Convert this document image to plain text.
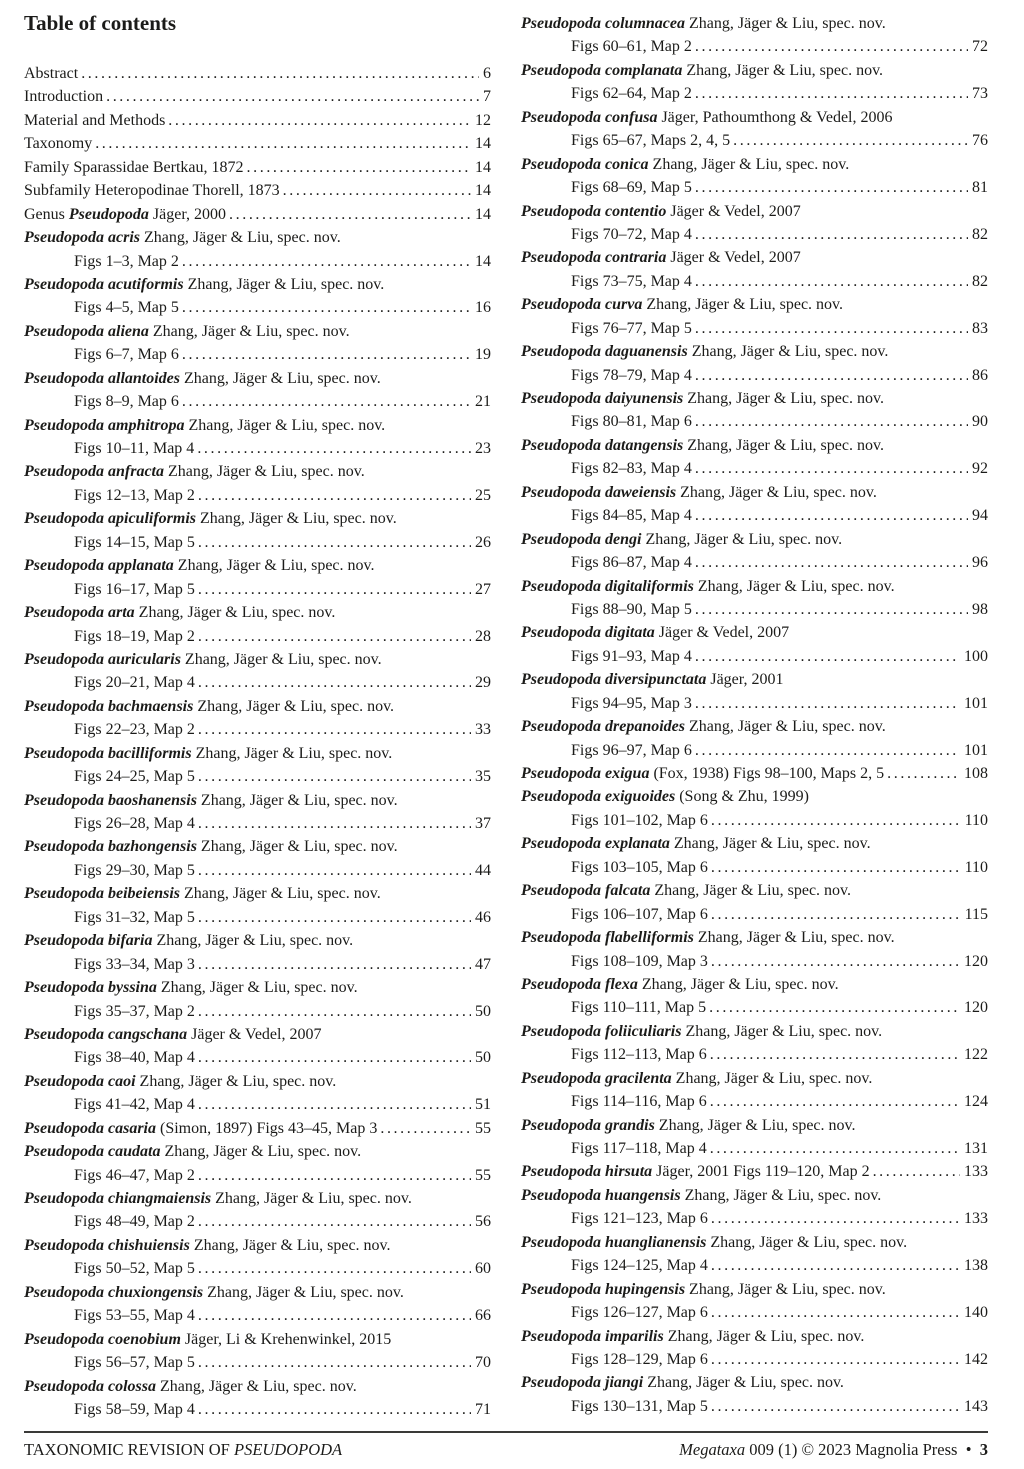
Table of contents
Abstract .....	6
Introduction .....	7
Material and Methods .....	12
Taxonomy .....	14
Family Sparassidae Bertkau, 1872 .....	14
Subfamily Heteropodinae Thorell, 1873 .....	14
Genus Pseudopoda Jäger, 2000 .....	14
Pseudopoda acris Zhang, Jäger & Liu, spec. nov.
Figs 1–3, Map 2 .....	14
Pseudopoda acutiformis Zhang, Jäger & Liu, spec. nov.
Figs 4–5, Map 5 .....	16
Pseudopoda aliena Zhang, Jäger & Liu, spec. nov.
Figs 6–7, Map 6 .....	19
Pseudopoda allantoides Zhang, Jäger & Liu, spec. nov.
Figs 8–9, Map 6 .....	21
Pseudopoda amphitropa Zhang, Jäger & Liu, spec. nov.
Figs 10–11, Map 4 .....	23
Pseudopoda anfracta Zhang, Jäger & Liu, spec. nov.
Figs 12–13, Map 2 .....	25
Pseudopoda apiculiformis Zhang, Jäger & Liu, spec. nov.
Figs 14–15, Map 5 .....	26
Pseudopoda applanata Zhang, Jäger & Liu, spec. nov.
Figs 16–17, Map 5 .....	27
Pseudopoda arta Zhang, Jäger & Liu, spec. nov.
Figs 18–19, Map 2 .....	28
Pseudopoda auricularis Zhang, Jäger & Liu, spec. nov.
Figs 20–21, Map 4 .....	29
Pseudopoda bachmaensis Zhang, Jäger & Liu, spec. nov.
Figs 22–23, Map 2 .....	33
Pseudopoda bacilliformis Zhang, Jäger & Liu, spec. nov.
Figs 24–25, Map 5 .....	35
Pseudopoda baoshanensis Zhang, Jäger & Liu, spec. nov.
Figs 26–28, Map 4 .....	37
Pseudopoda bazhongensis Zhang, Jäger & Liu, spec. nov.
Figs 29–30, Map 5 .....	44
Pseudopoda beibeiensis Zhang, Jäger & Liu, spec. nov.
Figs 31–32, Map 5 .....	46
Pseudopoda bifaria Zhang, Jäger & Liu, spec. nov.
Figs 33–34, Map 3 .....	47
Pseudopoda byssina Zhang, Jäger & Liu, spec. nov.
Figs 35–37, Map 2 .....	50
Pseudopoda cangschana Jäger & Vedel, 2007
Figs 38–40, Map 4 .....	50
Pseudopoda caoi Zhang, Jäger & Liu, spec. nov.
Figs 41–42, Map 4 .....	51
Pseudopoda casaria (Simon, 1897) Figs 43–45, Map 3 .....	55
Pseudopoda caudata Zhang, Jäger & Liu, spec. nov.
Figs 46–47, Map 2 .....	55
Pseudopoda chiangmaiensis Zhang, Jäger & Liu, spec. nov.
Figs 48–49, Map 2 .....	56
Pseudopoda chishuiensis Zhang, Jäger & Liu, spec. nov.
Figs 50–52, Map 5 .....	60
Pseudopoda chuxiongensis Zhang, Jäger & Liu, spec. nov.
Figs 53–55, Map 4 .....	66
Pseudopoda coenobium Jäger, Li & Krehenwinkel, 2015
Figs 56–57, Map 5 .....	70
Pseudopoda colossa Zhang, Jäger & Liu, spec. nov.
Figs 58–59, Map 4 .....	71
Pseudopoda columnacea Zhang, Jäger & Liu, spec. nov.
Figs 60–61, Map 2 .....	72
Pseudopoda complanata Zhang, Jäger & Liu, spec. nov.
Figs 62–64, Map 2 .....	73
Pseudopoda confusa Jäger, Pathoumthong & Vedel, 2006
Figs 65–67, Maps 2, 4, 5 .....	76
Pseudopoda conica Zhang, Jäger & Liu, spec. nov.
Figs 68–69, Map 5 .....	81
Pseudopoda contentio Jäger & Vedel, 2007
Figs 70–72, Map 4 .....	82
Pseudopoda contraria Jäger & Vedel, 2007
Figs 73–75, Map 4 .....	82
Pseudopoda curva Zhang, Jäger & Liu, spec. nov.
Figs 76–77, Map 5 .....	83
Pseudopoda daguanensis Zhang, Jäger & Liu, spec. nov.
Figs 78–79, Map 4 .....	86
Pseudopoda daiyunensis Zhang, Jäger & Liu, spec. nov.
Figs 80–81, Map 6 .....	90
Pseudopoda datangensis Zhang, Jäger & Liu, spec. nov.
Figs 82–83, Map 4 .....	92
Pseudopoda daweiensis Zhang, Jäger & Liu, spec. nov.
Figs 84–85, Map 4 .....	94
Pseudopoda dengi Zhang, Jäger & Liu, spec. nov.
Figs 86–87, Map 4 .....	96
Pseudopoda digitaliformis Zhang, Jäger & Liu, spec. nov.
Figs 88–90, Map 5 .....	98
Pseudopoda digitata Jäger & Vedel, 2007
Figs 91–93, Map 4 .....	100
Pseudopoda diversipunctata Jäger, 2001
Figs 94–95, Map 3 .....	101
Pseudopoda drepanoides Zhang, Jäger & Liu, spec. nov.
Figs 96–97, Map 6 .....	101
Pseudopoda exigua (Fox, 1938) Figs 98–100, Maps 2, 5 .....	108
Pseudopoda exiguoides (Song & Zhu, 1999)
Figs 101–102, Map 6 .....	110
Pseudopoda explanata Zhang, Jäger & Liu, spec. nov.
Figs 103–105, Map 6 .....	110
Pseudopoda falcata Zhang, Jäger & Liu, spec. nov.
Figs 106–107, Map 6 .....	115
Pseudopoda flabelliformis Zhang, Jäger & Liu, spec. nov.
Figs 108–109, Map 3 .....	120
Pseudopoda flexa Zhang, Jäger & Liu, spec. nov.
Figs 110–111, Map 5 .....	120
Pseudopoda foliiculiaris Zhang, Jäger & Liu, spec. nov.
Figs 112–113, Map 6 .....	122
Pseudopoda gracilenta Zhang, Jäger & Liu, spec. nov.
Figs 114–116, Map 6 .....	124
Pseudopoda grandis Zhang, Jäger & Liu, spec. nov.
Figs 117–118, Map 4 .....	131
Pseudopoda hirsuta Jäger, 2001 Figs 119–120, Map 2 .....	133
Pseudopoda huangensis Zhang, Jäger & Liu, spec. nov.
Figs 121–123, Map 6 .....	133
Pseudopoda huanglianensis Zhang, Jäger & Liu, spec. nov.
Figs 124–125, Map 4 .....	138
Pseudopoda hupingensis Zhang, Jäger & Liu, spec. nov.
Figs 126–127, Map 6 .....	140
Pseudopoda imparilis Zhang, Jäger & Liu, spec. nov.
Figs 128–129, Map 6 .....	142
Pseudopoda jiangi Zhang, Jäger & Liu, spec. nov.
Figs 130–131, Map 5 .....	143
TAXONOMIC REVISION OF PSEUDOPODA	Megataxa 009 (1) © 2023 Magnolia Press  •  3
